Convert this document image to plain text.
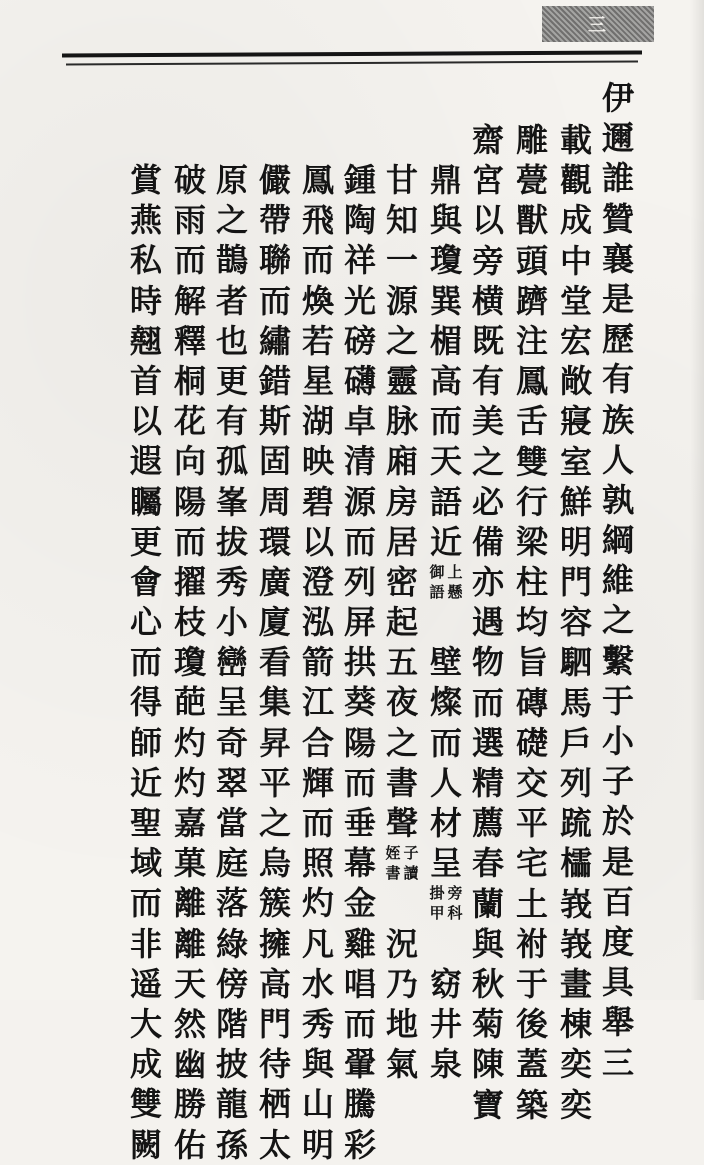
三
伊
邇
誰
贊
襄
是
歷
有
族
人
孰
綱
維
之
繫
于
小
子
於
是
百
度
具
舉
三
載
觀
成
中
堂
宏
敞
寢
室
鮮
明
門
容
駟
馬
戶
列
䟽
櫺
峩
峩
畫
棟
奕
奕
雕
甍
獸
頭
躋
注
鳳
舌
雙
行
梁
柱
均
旨
磚
礎
交
平
宅
土
祔
于
後
蓋
築
齋
宮
以
旁
横
既
有
美
之
必
備
亦
遇
物
而
選
精
薦
春
蘭
與
秋
菊
陳
寶
鼎
與
瓊
巽
楣
高
而
天
語
近
御
語
上
懸
壁
燦
而
人
材
呈
掛
甲
旁
科
窈
井
泉
甘
知
一
源
之
靈
脉
廂
房
居
密
起
五
夜
之
書
聲
姪
書
子
讀
況
乃
地
氣
鍾
陶
祥
光
磅
礴
卓
清
源
而
列
屏
拱
葵
陽
而
垂
幕
金
雞
唱
而
翬
騰
彩
鳳
飛
而
煥
若
星
湖
映
碧
以
澄
泓
箭
江
合
輝
而
照
灼
凡
水
秀
與
山
明
儼
帶
聯
而
繡
錯
斯
固
周
環
廣
廈
看
集
昇
平
之
烏
簇
擁
高
門
待
栖
太
原
之
鵲
者
也
更
有
孤
峯
拔
秀
小
巒
呈
奇
翠
當
庭
落
綠
傍
階
披
龍
孫
破
雨
而
解
釋
桐
花
向
陽
而
擢
枝
瓊
葩
灼
灼
嘉
菓
離
離
天
然
幽
勝
佑
賞
燕
私
時
翹
首
以
遐
矚
更
會
心
而
得
師
近
聖
域
而
非
遥
大
成
雙
闕
